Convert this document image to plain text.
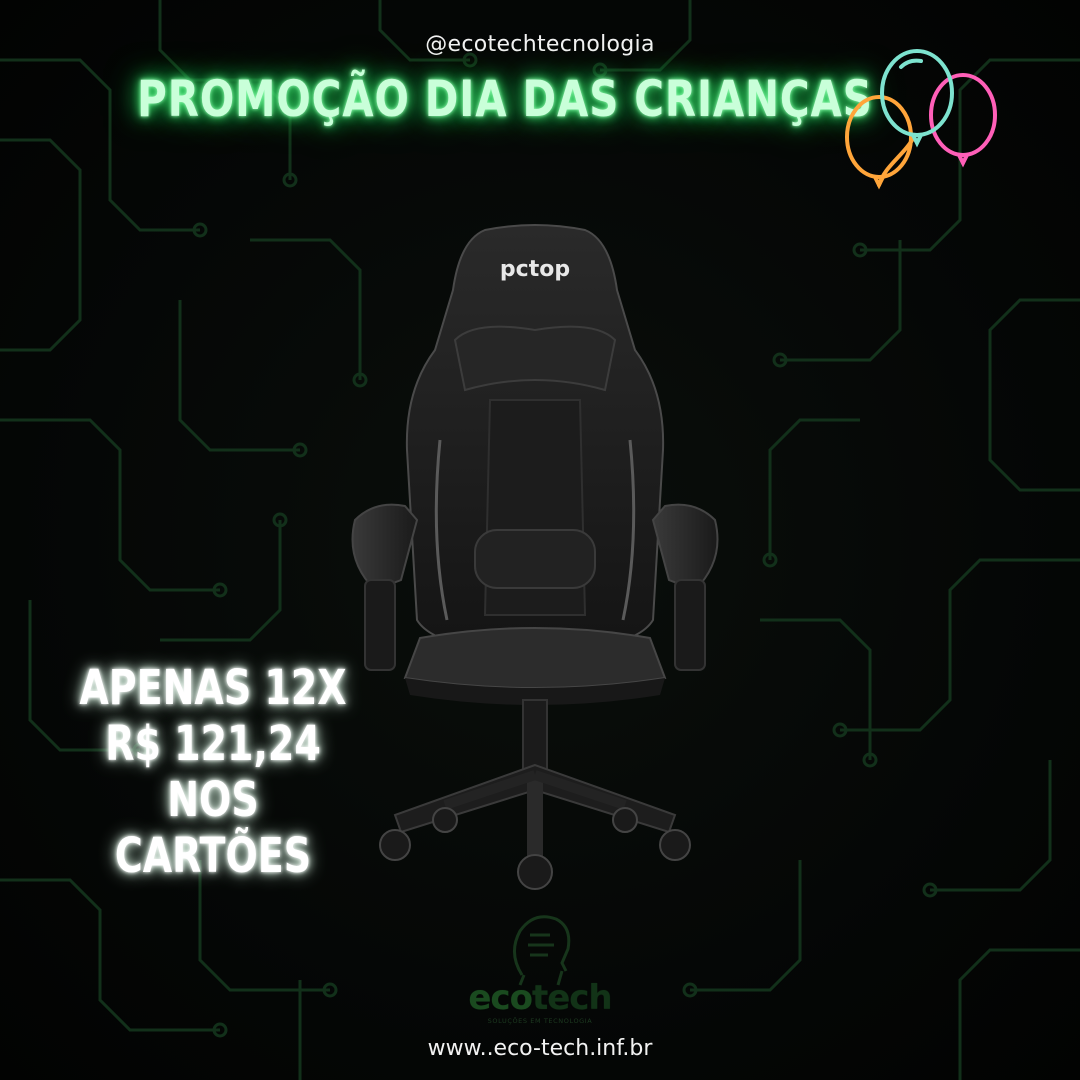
@ecotechtecnologia
PROMOÇÃO DIA DAS CRIANÇAS
pctop
APENAS 12X
R$ 121,24
NOS CARTÕES
ecotech
SOLUÇÕES EM TECNOLOGIA
www..eco-tech.inf.br
